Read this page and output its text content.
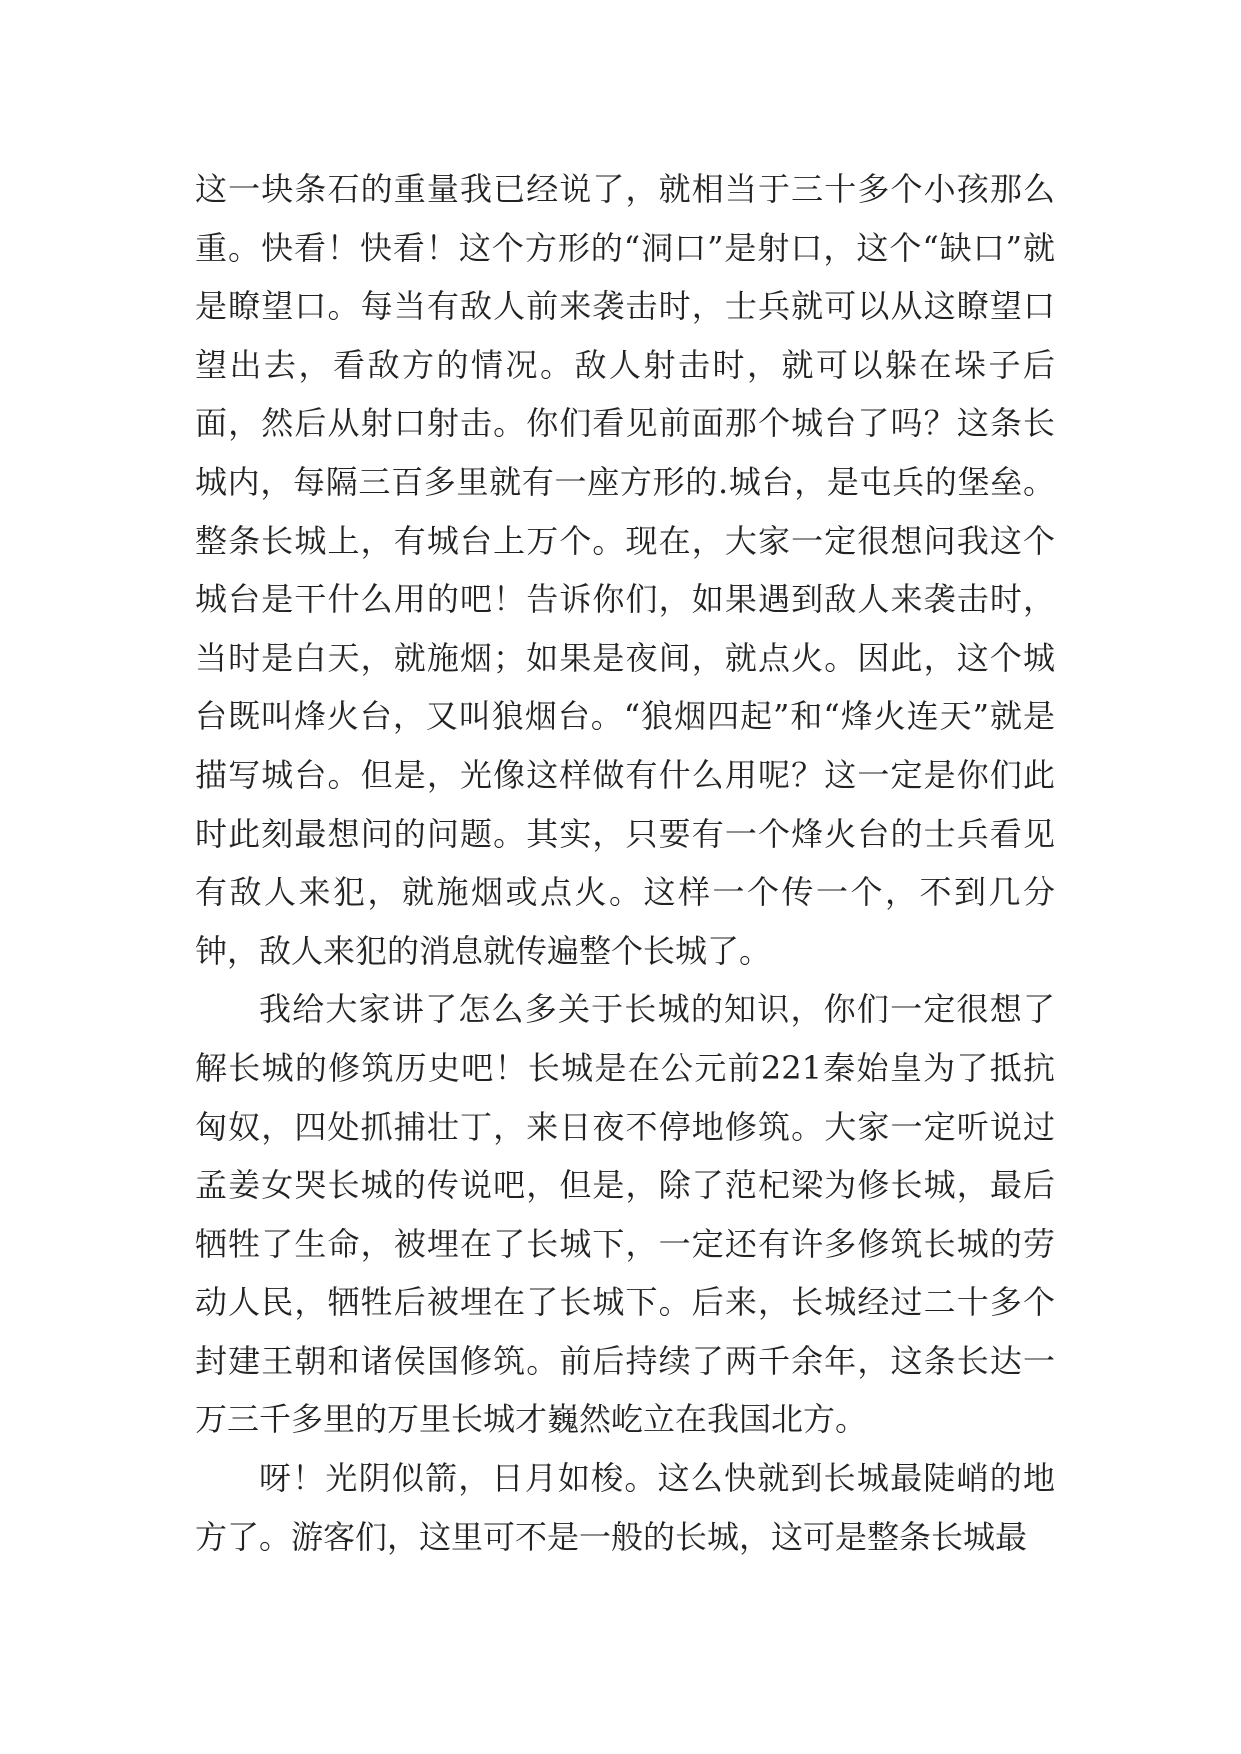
这一块条石的重量我已经说了，就相当于三十多个小孩那么重。快看！快看！这个方形的“洞口”是射口，这个“缺口”就是瞭望口。每当有敌人前来袭击时，士兵就可以从这瞭望口望出去，看敌方的情况。敌人射击时，就可以躲在垛子后面，然后从射口射击。你们看见前面那个城台了吗？这条长城内，每隔三百多里就有一座方形的.城台，是屯兵的堡垒。整条长城上，有城台上万个。现在，大家一定很想问我这个城台是干什么用的吧！告诉你们，如果遇到敌人来袭击时，当时是白天，就施烟；如果是夜间，就点火。因此，这个城台既叫烽火台，又叫狼烟台。“狼烟四起”和“烽火连天”就是描写城台。但是，光像这样做有什么用呢？这一定是你们此时此刻最想问的问题。其实，只要有一个烽火台的士兵看见有敌人来犯，就施烟或点火。这样一个传一个，不到几分钟，敌人来犯的消息就传遍整个长城了。

我给大家讲了怎么多关于长城的知识，你们一定很想了解长城的修筑历史吧！长城是在公元前221秦始皇为了抵抗匈奴，四处抓捕壮丁，来日夜不停地修筑。大家一定听说过孟姜女哭长城的传说吧，但是，除了范杞梁为修长城，最后牺牲了生命，被埋在了长城下，一定还有许多修筑长城的劳动人民，牺牲后被埋在了长城下。后来，长城经过二十多个封建王朝和诸侯国修筑。前后持续了两千余年，这条长达一万三千多里的万里长城才巍然屹立在我国北方。

呀！光阴似箭，日月如梭。这么快就到长城最陡峭的地方了。游客们，这里可不是一般的长城，这可是整条长城最
